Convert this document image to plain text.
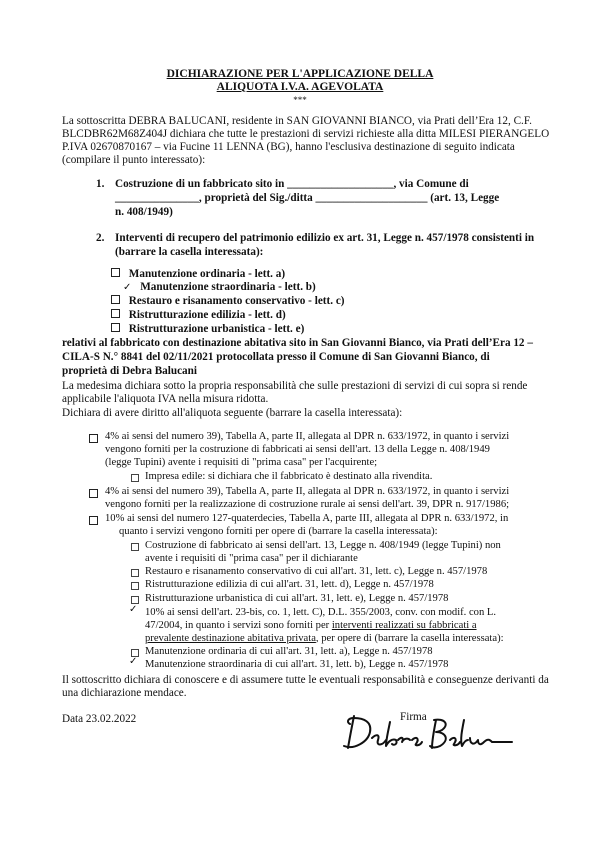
DICHIARAZIONE PER L'APPLICAZIONE DELLA
ALIQUOTA I.V.A. AGEVOLATA
***
La sottoscritta DEBRA BALUCANI, residente in SAN GIOVANNI BIANCO, via Prati dell’Era 12, C.F.
BLCDBR62M68Z404J dichiara che tutte le prestazioni di servizi richieste alla ditta MILESI PIERANGELO
P.IVA 02670870167 – via Fucine 11 LENNA (BG), hanno l'esclusiva destinazione di seguito indicata
(compilare il punto interessato):
1. Costruzione di un fabbricato sito in ___________________, via Comune di
_______________, proprietà del Sig./ditta ____________________ (art. 13, Legge
n. 408/1949)
2. Interventi di recupero del patrimonio edilizio ex art. 31, Legge n. 457/1978 consistenti in
(barrare la casella interessata):
Manutenzione ordinaria - lett. a)
✓ Manutenzione straordinaria - lett. b)
Restauro e risanamento conservativo - lett. c)
Ristrutturazione edilizia - lett. d)
Ristrutturazione urbanistica - lett. e)
relativi al fabbricato con destinazione abitativa sito in San Giovanni Bianco, via Prati dell’Era 12 –
CILA-S N.° 8841 del 02/11/2021 protocollata presso il Comune di San Giovanni Bianco, di
proprietà di Debra Balucani
La medesima dichiara sotto la propria responsabilità che sulle prestazioni di servizi di cui sopra si rende
applicabile l'aliquota IVA nella misura ridotta.
Dichiara di avere diritto all'aliquota seguente (barrare la casella interessata):
4% ai sensi del numero 39), Tabella A, parte II, allegata al DPR n. 633/1972, in quanto i servizi
vengono forniti per la costruzione di fabbricati ai sensi dell'art. 13 della Legge n. 408/1949
(legge Tupini) avente i requisiti di "prima casa" per l'acquirente;
Impresa edile: si dichiara che il fabbricato è destinato alla rivendita.
4% ai sensi del numero 39), Tabella A, parte II, allegata al DPR n. 633/1972, in quanto i servizi
vengono forniti per la realizzazione di costruzione rurale ai sensi dell'art. 39, DPR n. 917/1986;
10% ai sensi del numero 127-quaterdecies, Tabella A, parte III, allegata al DPR n. 633/1972, in
quanto i servizi vengono forniti per opere di (barrare la casella interessata):
Costruzione di fabbricato ai sensi dell'art. 13, Legge n. 408/1949 (legge Tupini) non
avente i requisiti di "prima casa" per il dichiarante
Restauro e risanamento conservativo di cui all'art. 31, lett. c), Legge n. 457/1978
Ristrutturazione edilizia di cui all'art. 31, lett. d), Legge n. 457/1978
Ristrutturazione urbanistica di cui all'art. 31, lett. e), Legge n. 457/1978
✓ 10% ai sensi dell'art. 23-bis, co. 1, lett. C), D.L. 355/2003, conv. con modif. con L.
47/2004, in quanto i servizi sono forniti per interventi realizzati su fabbricati a
prevalente destinazione abitativa privata, per opere di (barrare la casella interessata):
Manutenzione ordinaria di cui all'art. 31, lett. a), Legge n. 457/1978
✓ Manutenzione straordinaria di cui all'art. 31, lett. b), Legge n. 457/1978
Il sottoscritto dichiara di conoscere e di assumere tutte le eventuali responsabilità e conseguenze derivanti da
una dichiarazione mendace.
Data 23.02.2022	Firma
